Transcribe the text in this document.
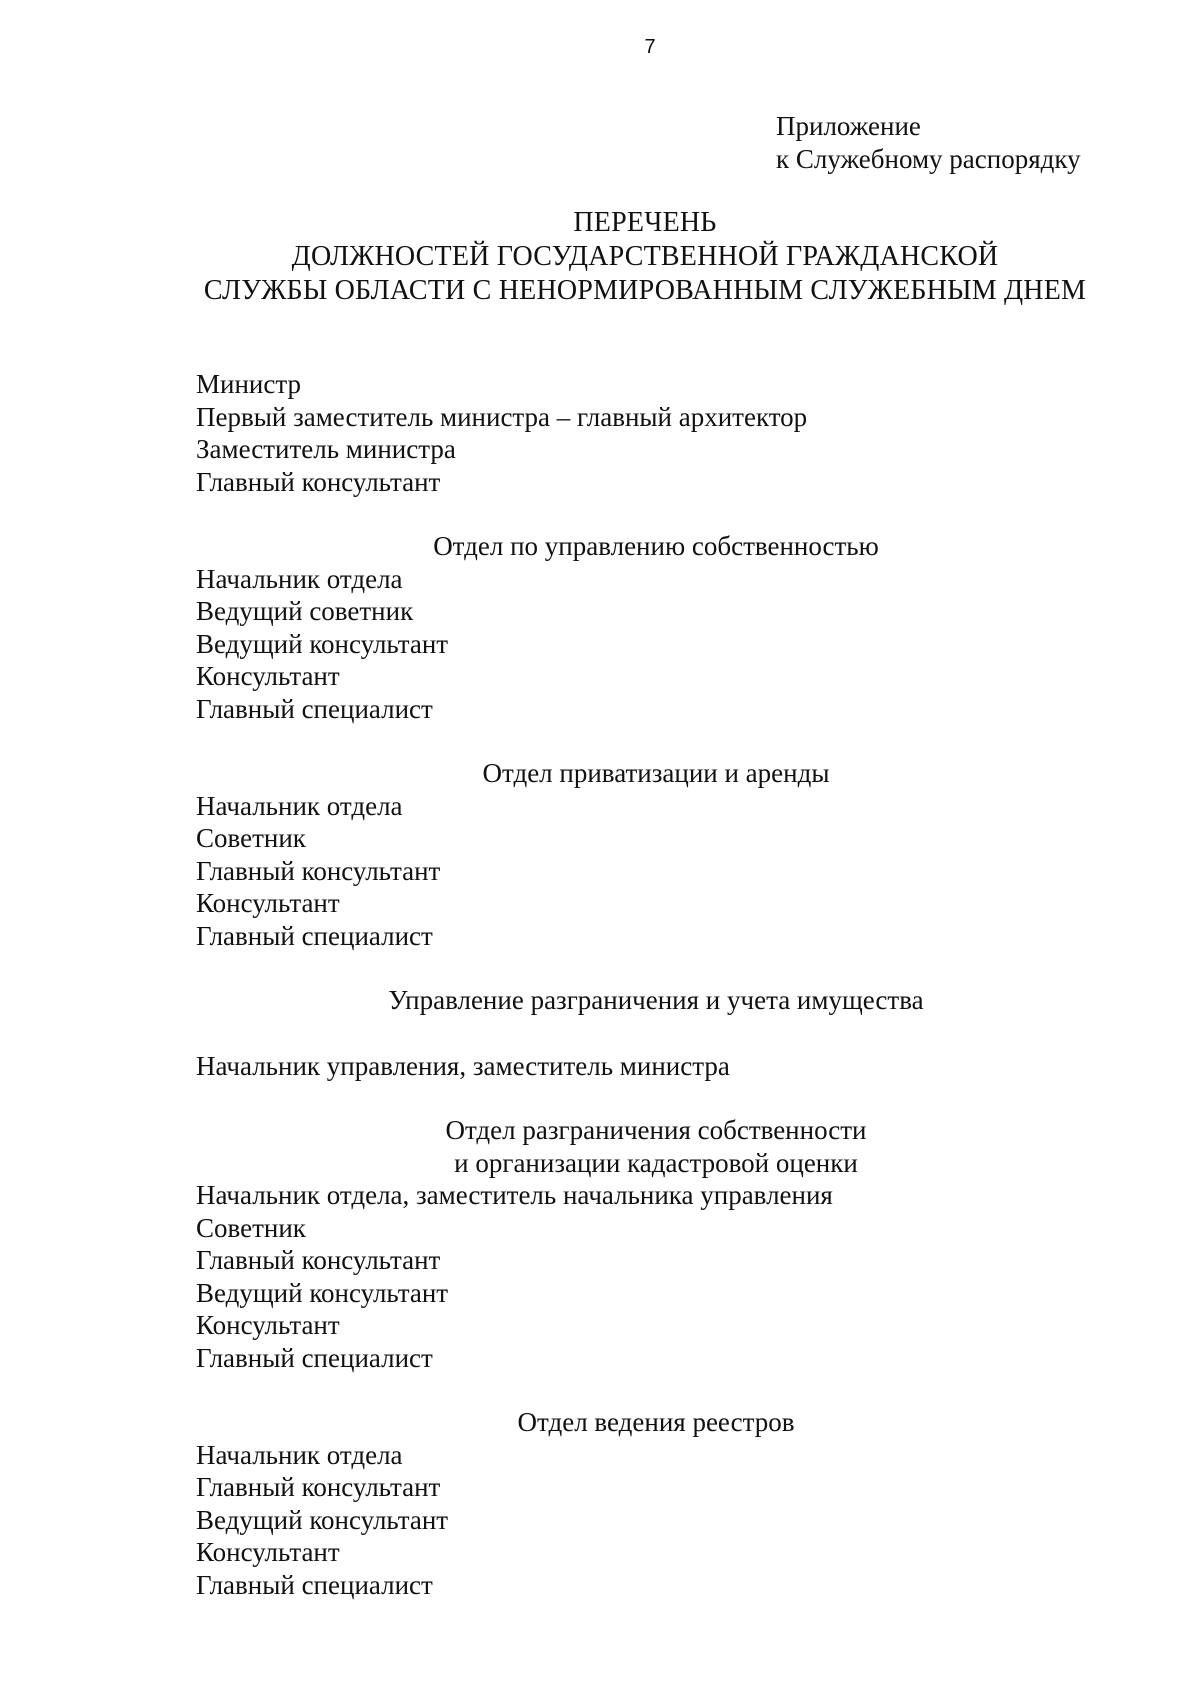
7
Приложение
к Служебному распорядку
ПЕРЕЧЕНЬ
ДОЛЖНОСТЕЙ ГОСУДАРСТВЕННОЙ ГРАЖДАНСКОЙ
СЛУЖБЫ ОБЛАСТИ С НЕНОРМИРОВАННЫМ СЛУЖЕБНЫМ ДНЕМ
Министр
Первый заместитель министра – главный архитектор
Заместитель министра
Главный консультант
Отдел по управлению собственностью
Начальник отдела
Ведущий советник
Ведущий консультант
Консультант
Главный специалист
Отдел приватизации и аренды
Начальник отдела
Советник
Главный консультант
Консультант
Главный специалист
Управление разграничения и учета имущества
Начальник управления, заместитель министра
Отдел разграничения собственности
и организации кадастровой оценки
Начальник отдела, заместитель начальника управления
Советник
Главный консультант
Ведущий консультант
Консультант
Главный специалист
Отдел ведения реестров
Начальник отдела
Главный консультант
Ведущий консультант
Консультант
Главный специалист
